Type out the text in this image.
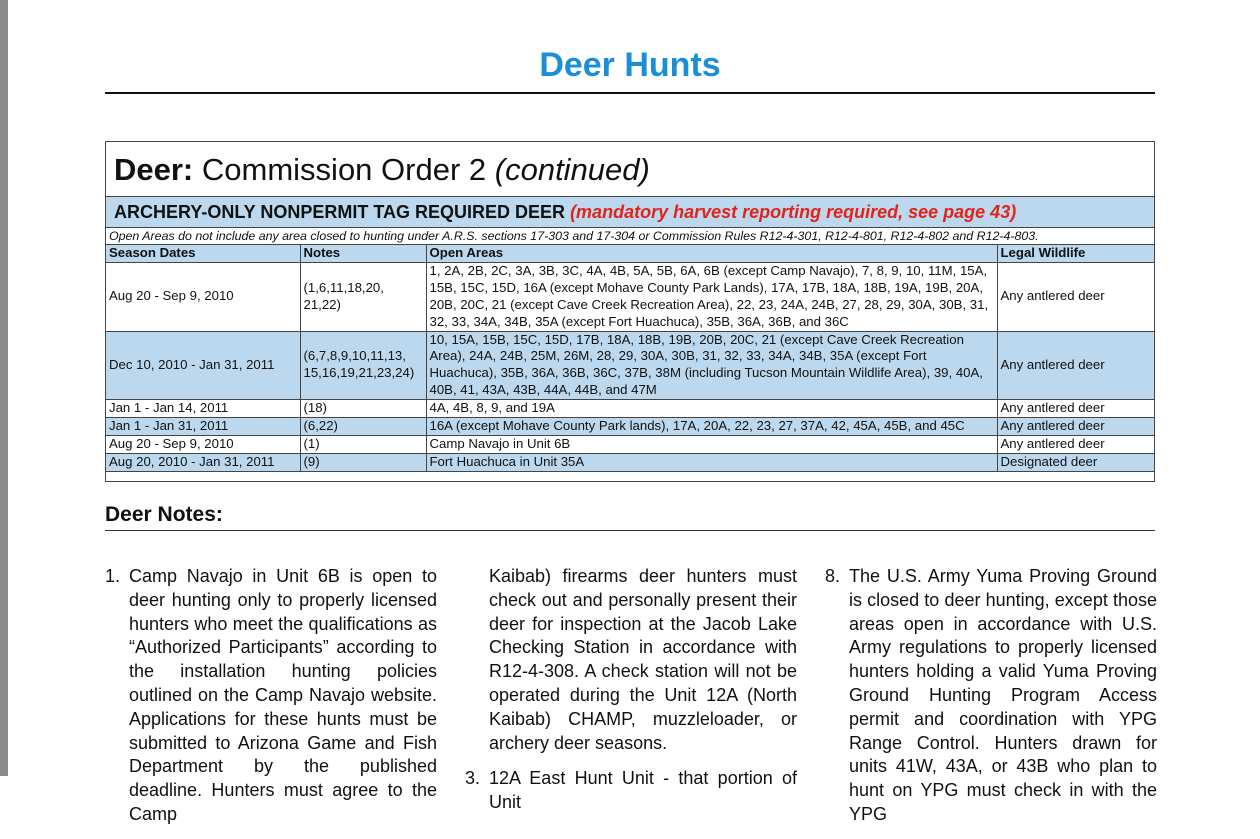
Deer Hunts
Deer: Commission Order 2 (continued)
ARCHERY-ONLY NONPERMIT TAG REQUIRED DEER (mandatory harvest reporting required, see page 43)
Open Areas do not include any area closed to hunting under A.R.S. sections 17-303 and 17-304 or Commission Rules R12-4-301, R12-4-801, R12-4-802 and R12-4-803.
Season Dates	Notes	Open Areas	Legal Wildlife
Aug 20 - Sep 9, 2010	(1,6,11,18,20, 21,22)	1, 2A, 2B, 2C, 3A, 3B, 3C, 4A, 4B, 5A, 5B, 6A, 6B (except Camp Navajo), 7, 8, 9, 10, 11M, 15A, 15B, 15C, 15D, 16A (except Mohave County Park Lands), 17A, 17B, 18A, 18B, 19A, 19B, 20A, 20B, 20C, 21 (except Cave Creek Recreation Area), 22, 23, 24A, 24B, 27, 28, 29, 30A, 30B, 31, 32, 33, 34A, 34B, 35A (except Fort Huachuca), 35B, 36A, 36B, and 36C	Any antlered deer
Dec 10, 2010 - Jan 31, 2011	(6,7,8,9,10,11,13, 15,16,19,21,23,24)	10, 15A, 15B, 15C, 15D, 17B, 18A, 18B, 19B, 20B, 20C, 21 (except Cave Creek Recreation Area), 24A, 24B, 25M, 26M, 28, 29, 30A, 30B, 31, 32, 33, 34A, 34B, 35A (except Fort Huachuca), 35B, 36A, 36B, 36C, 37B, 38M (including Tucson Mountain Wildlife Area), 39, 40A, 40B, 41, 43A, 43B, 44A, 44B, and 47M	Any antlered deer
Jan 1 - Jan 14, 2011	(18)	4A, 4B, 8, 9, and 19A	Any antlered deer
Jan 1 - Jan 31, 2011	(6,22)	16A (except Mohave County Park lands), 17A, 20A, 22, 23, 27, 37A, 42, 45A, 45B, and 45C	Any antlered deer
Aug 20 - Sep 9, 2010	(1)	Camp Navajo in Unit 6B	Any antlered deer
Aug 20, 2010 - Jan 31, 2011	(9)	Fort Huachuca in Unit 35A	Designated deer
Deer Notes:
1. Camp Navajo in Unit 6B is open to deer hunting only to properly licensed hunters who meet the qualifications as “Authorized Participants” according to the installation hunting policies outlined on the Camp Navajo website. Applications for these hunts must be submitted to Arizona Game and Fish Department by the published deadline. Hunters must agree to the Camp
Kaibab) firearms deer hunters must check out and personally present their deer for inspection at the Jacob Lake Checking Station in accordance with R12-4-308. A check station will not be operated during the Unit 12A (North Kaibab) CHAMP, muzzleloader, or archery deer seasons.
3. 12A East Hunt Unit - that portion of Unit
8. The U.S. Army Yuma Proving Ground is closed to deer hunting, except those areas open in accordance with U.S. Army regulations to properly licensed hunters holding a valid Yuma Proving Ground Hunting Program Access permit and coordination with YPG Range Control. Hunters drawn for units 41W, 43A, or 43B who plan to hunt on YPG must check in with the YPG
